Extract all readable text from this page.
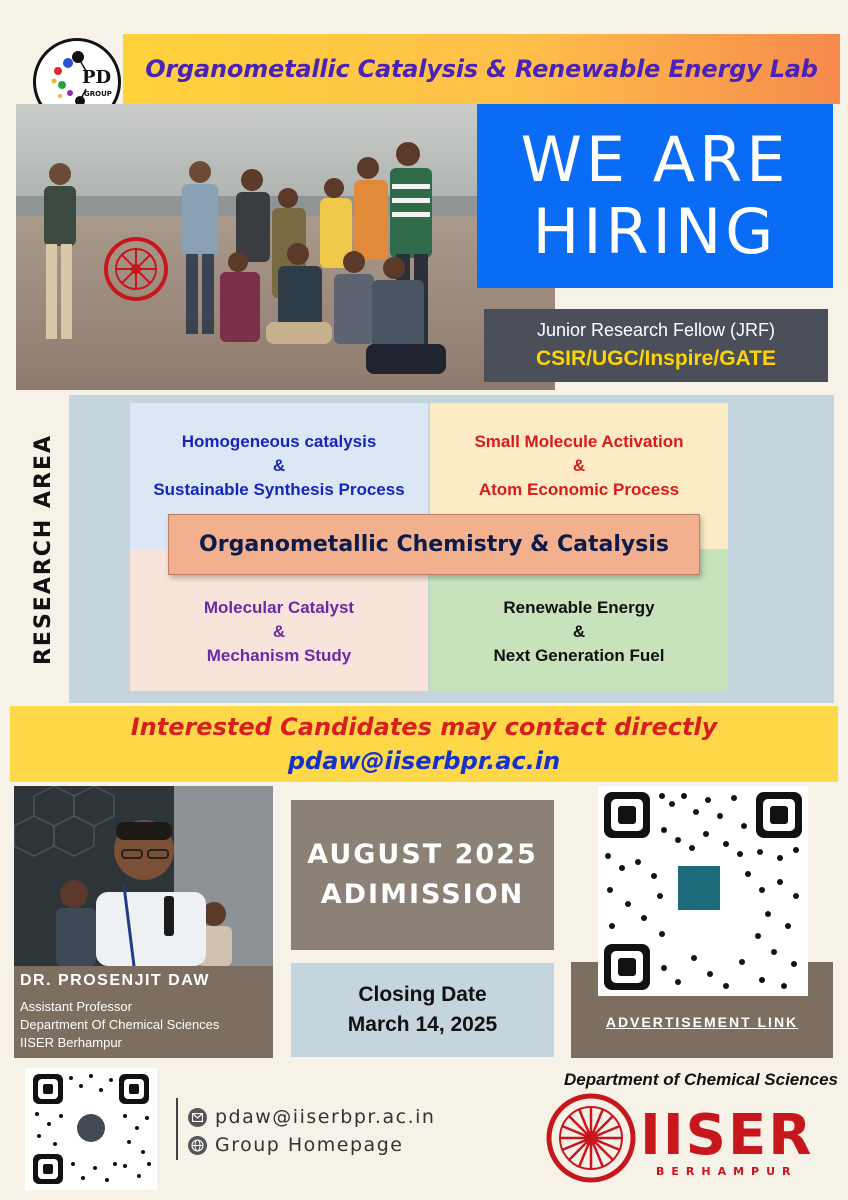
PD
GROUP
Organometallic Catalysis & Renewable Energy Lab
WE ARE
HIRING
Junior Research Fellow (JRF)
CSIR/UGC/Inspire/GATE
RESEARCH AREA	Homogeneous catalysis
&
Sustainable Synthesis Process
Small Molecule Activation
&
Atom Economic Process
Molecular Catalyst
&
Mechanism Study
Renewable Energy
&
Next Generation Fuel
Organometallic Chemistry & Catalysis
Interested Candidates may contact directly
pdaw@iiserbpr.ac.in
DR. PROSENJIT DAW
Assistant Professor
Department Of Chemical Sciences
IISER Berhampur
AUGUST 2025
ADIMISSION
Closing Date
March 14, 2025	ADVERTISEMENT LINK
pdaw@iiserbpr.ac.in
Group Homepage
Department of Chemical Sciences
IISER
BERHAMPUR
